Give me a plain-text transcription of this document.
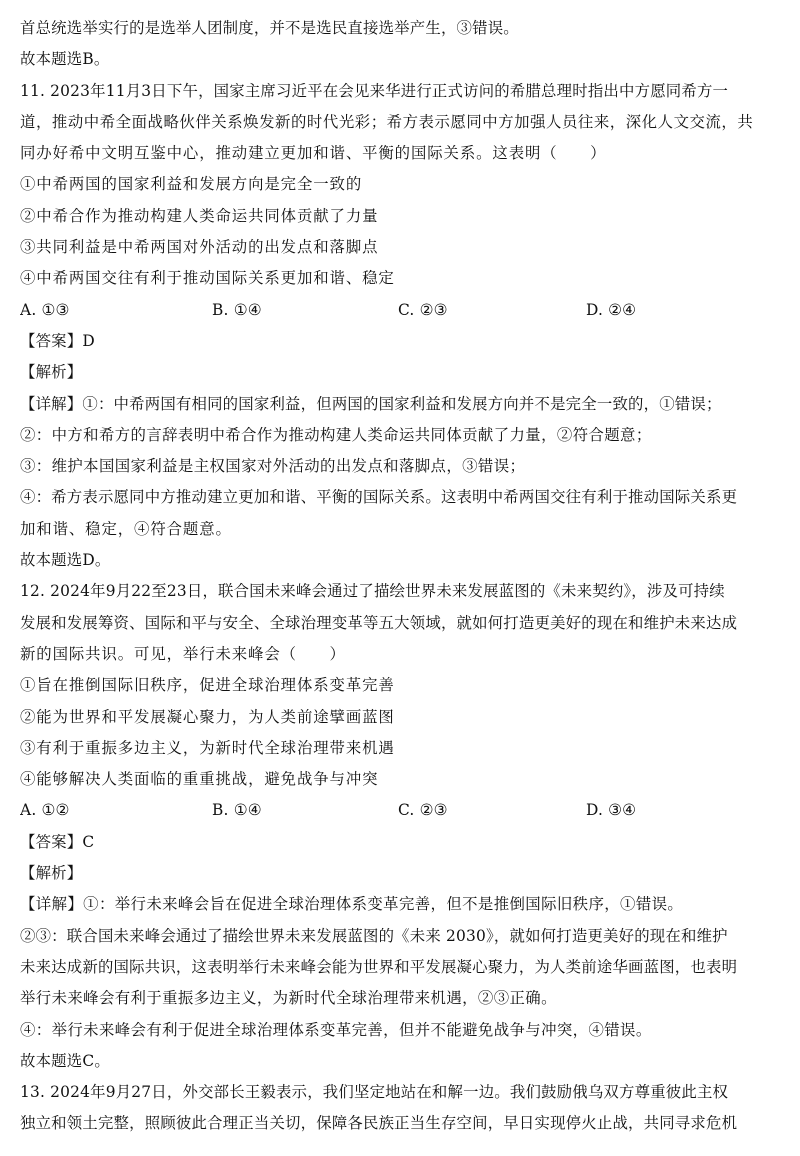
首总统选举实行的是选举人团制度，并不是选民直接选举产生，③错误。
故本题选B。
11. 2023年11月3日下午，国家主席习近平在会见来华进行正式访问的希腊总理时指出中方愿同希方一
道，推动中希全面战略伙伴关系焕发新的时代光彩；希方表示愿同中方加强人员往来，深化人文交流，共
同办好希中文明互鉴中心，推动建立更加和谐、平衡的国际关系。这表明（　　）
①中希两国的国家利益和发展方向是完全一致的
②中希合作为推动构建人类命运共同体贡献了力量
③共同利益是中希两国对外活动的出发点和落脚点
④中希两国交往有利于推动国际关系更加和谐、稳定
A. ①③	B. ①④	C. ②③	D. ②④
【答案】D
【解析】
【详解】①：中希两国有相同的国家利益，但两国的国家利益和发展方向并不是完全一致的，①错误；
②：中方和希方的言辞表明中希合作为推动构建人类命运共同体贡献了力量，②符合题意；
③：维护本国国家利益是主权国家对外活动的出发点和落脚点，③错误；
④：希方表示愿同中方推动建立更加和谐、平衡的国际关系。这表明中希两国交往有利于推动国际关系更
加和谐、稳定，④符合题意。
故本题选D。
12. 2024年9月22至23日，联合国未来峰会通过了描绘世界未来发展蓝图的《未来契约》，涉及可持续
发展和发展筹资、国际和平与安全、全球治理变革等五大领域，就如何打造更美好的现在和维护未来达成
新的国际共识。可见，举行未来峰会（　　）
①旨在推倒国际旧秩序，促进全球治理体系变革完善
②能为世界和平发展凝心聚力，为人类前途擘画蓝图
③有利于重振多边主义，为新时代全球治理带来机遇
④能够解决人类面临的重重挑战，避免战争与冲突
A. ①②	B. ①④	C. ②③	D. ③④
【答案】C
【解析】
【详解】①：举行未来峰会旨在促进全球治理体系变革完善，但不是推倒国际旧秩序，①错误。
②③：联合国未来峰会通过了描绘世界未来发展蓝图的《未来 2030》，就如何打造更美好的现在和维护
未来达成新的国际共识，这表明举行未来峰会能为世界和平发展凝心聚力，为人类前途华画蓝图，也表明
举行未来峰会有利于重振多边主义，为新时代全球治理带来机遇，②③正确。
④：举行未来峰会有利于促进全球治理体系变革完善，但并不能避免战争与冲突，④错误。
故本题选C。
13. 2024年9月27日，外交部长王毅表示，我们坚定地站在和解一边。我们鼓励俄乌双方尊重彼此主权
独立和领土完整，照顾彼此合理正当关切，保障各民族正当生存空间，早日实现停火止战，共同寻求危机
